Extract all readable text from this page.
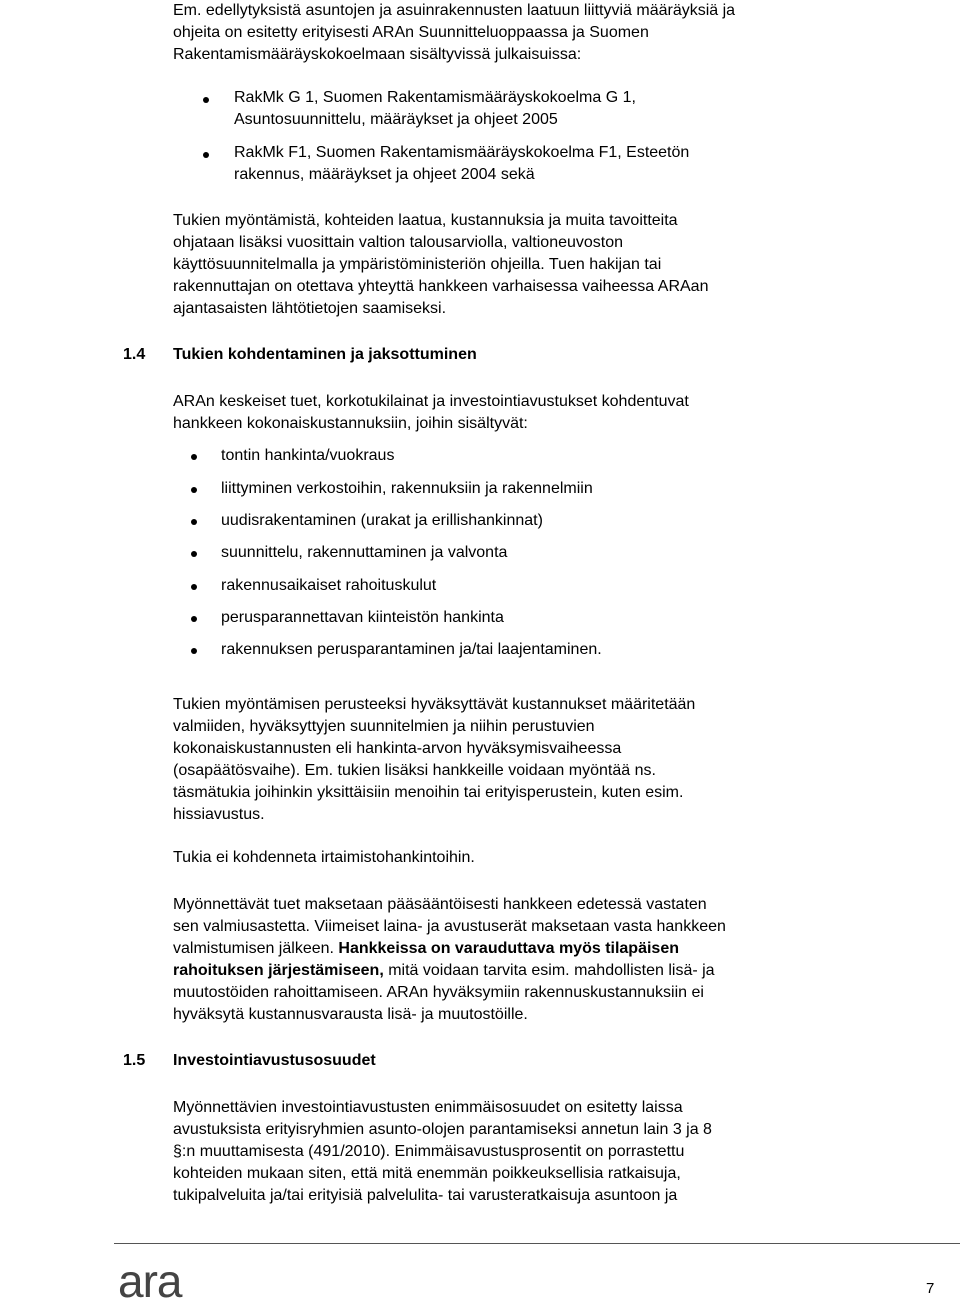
Em. edellytyksistä asuntojen ja asuinrakennusten laatuun liittyviä määräyksiä ja
ohjeita on esitetty erityisesti ARAn Suunnitteluoppaassa ja Suomen
Rakentamismääräyskokoelmaan sisältyvissä julkaisuissa:
RakMk G 1, Suomen Rakentamismääräyskokoelma G 1,
Asuntosuunnittelu, määräykset ja ohjeet 2005
RakMk F1, Suomen Rakentamismääräyskokoelma F1, Esteetön
rakennus, määräykset ja ohjeet 2004 sekä
Tukien myöntämistä, kohteiden laatua, kustannuksia ja muita tavoitteita
ohjataan lisäksi vuosittain valtion talousarviolla, valtioneuvoston
käyttösuunnitelmalla ja ympäristöministeriön ohjeilla. Tuen hakijan tai
rakennuttajan on otettava yhteyttä hankkeen varhaisessa vaiheessa ARAan
ajantasaisten lähtötietojen saamiseksi.
1.4 Tukien kohdentaminen ja jaksottuminen
ARAn keskeiset tuet, korkotukilainat ja investointiavustukset kohdentuvat
hankkeen kokonaiskustannuksiin, joihin sisältyvät:
tontin hankinta/vuokraus
liittyminen verkostoihin, rakennuksiin ja rakennelmiin
uudisrakentaminen (urakat ja erillishankinnat)
suunnittelu, rakennuttaminen ja valvonta
rakennusaikaiset rahoituskulut
perusparannettavan kiinteistön hankinta
rakennuksen perusparantaminen ja/tai laajentaminen.
Tukien myöntämisen perusteeksi hyväksyttävät kustannukset määritetään
valmiiden, hyväksyttyjen suunnitelmien ja niihin perustuvien
kokonaiskustannusten eli hankinta-arvon hyväksymisvaiheessa
(osapäätösvaihe). Em. tukien lisäksi hankkeille voidaan myöntää ns.
täsmätukia joihinkin yksittäisiin menoihin tai erityisperustein, kuten esim.
hissiavustus.
Tukia ei kohdenneta irtaimistohankintoihin.
Myönnettävät tuet maksetaan pääsääntöisesti hankkeen edetessä vastaten
sen valmiusastetta. Viimeiset laina- ja avustuserät maksetaan vasta hankkeen
valmistumisen jälkeen. Hankkeissa on varauduttava myös tilapäisen
rahoituksen järjestämiseen, mitä voidaan tarvita esim. mahdollisten lisä- ja
muutostöiden rahoittamiseen. ARAn hyväksymiin rakennuskustannuksiin ei
hyväksytä kustannusvarausta lisä- ja muutostöille.
1.5 Investointiavustusosuudet
Myönnettävien investointiavustusten enimmäisosuudet on esitetty laissa
avustuksista erityisryhmien asunto-olojen parantamiseksi annetun lain 3 ja 8
§:n muuttamisesta (491/2010). Enimmäisavustusprosentit on porrastettu
kohteiden mukaan siten, että mitä enemmän poikkeuksellisia ratkaisuja,
tukipalveluita ja/tai erityisiä palvelulita- tai varusteratkaisuja asuntoon ja
ara	7
